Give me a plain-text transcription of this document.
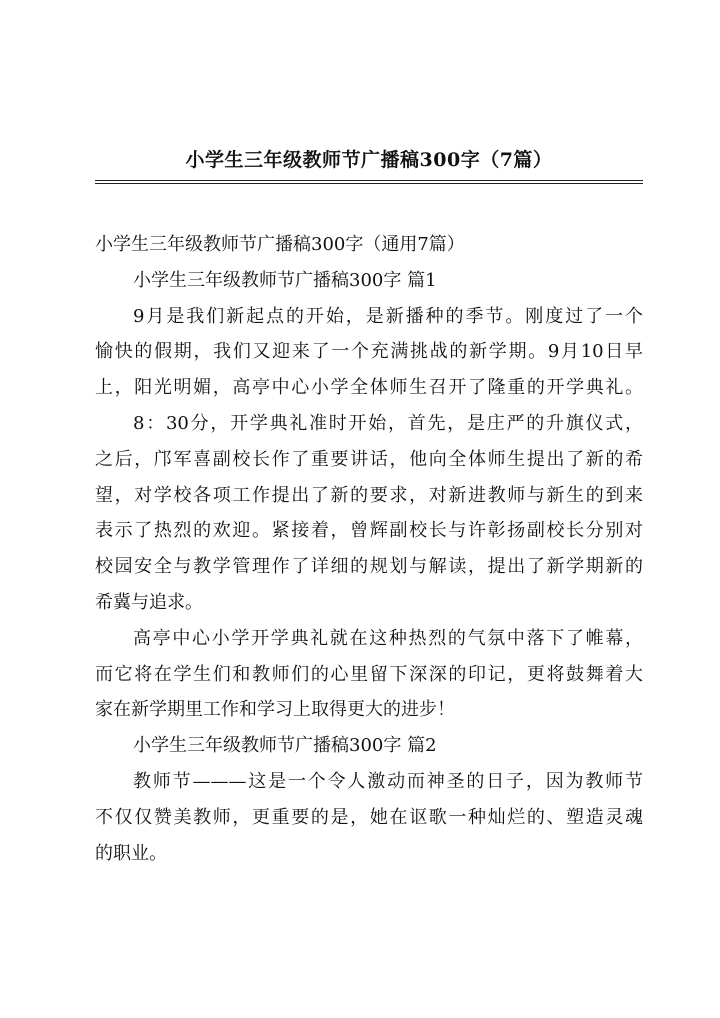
小学生三年级教师节广播稿300字（7篇）
小学生三年级教师节广播稿300字（通用7篇）
小学生三年级教师节广播稿300字 篇1
9月是我们新起点的开始，是新播种的季节。刚度过了一个
愉快的假期，我们又迎来了一个充满挑战的新学期。9月10日早
上，阳光明媚，高亭中心小学全体师生召开了隆重的开学典礼。
8：30分，开学典礼准时开始，首先，是庄严的升旗仪式，
之后，邝军喜副校长作了重要讲话，他向全体师生提出了新的希
望，对学校各项工作提出了新的要求，对新进教师与新生的到来
表示了热烈的欢迎。紧接着，曾辉副校长与许彰扬副校长分别对
校园安全与教学管理作了详细的规划与解读，提出了新学期新的
希冀与追求。
高亭中心小学开学典礼就在这种热烈的气氛中落下了帷幕，
而它将在学生们和教师们的心里留下深深的印记，更将鼓舞着大
家在新学期里工作和学习上取得更大的进步！
小学生三年级教师节广播稿300字 篇2
教师节———这是一个令人激动而神圣的日子，因为教师节
不仅仅赞美教师，更重要的是，她在讴歌一种灿烂的、塑造灵魂
的职业。
